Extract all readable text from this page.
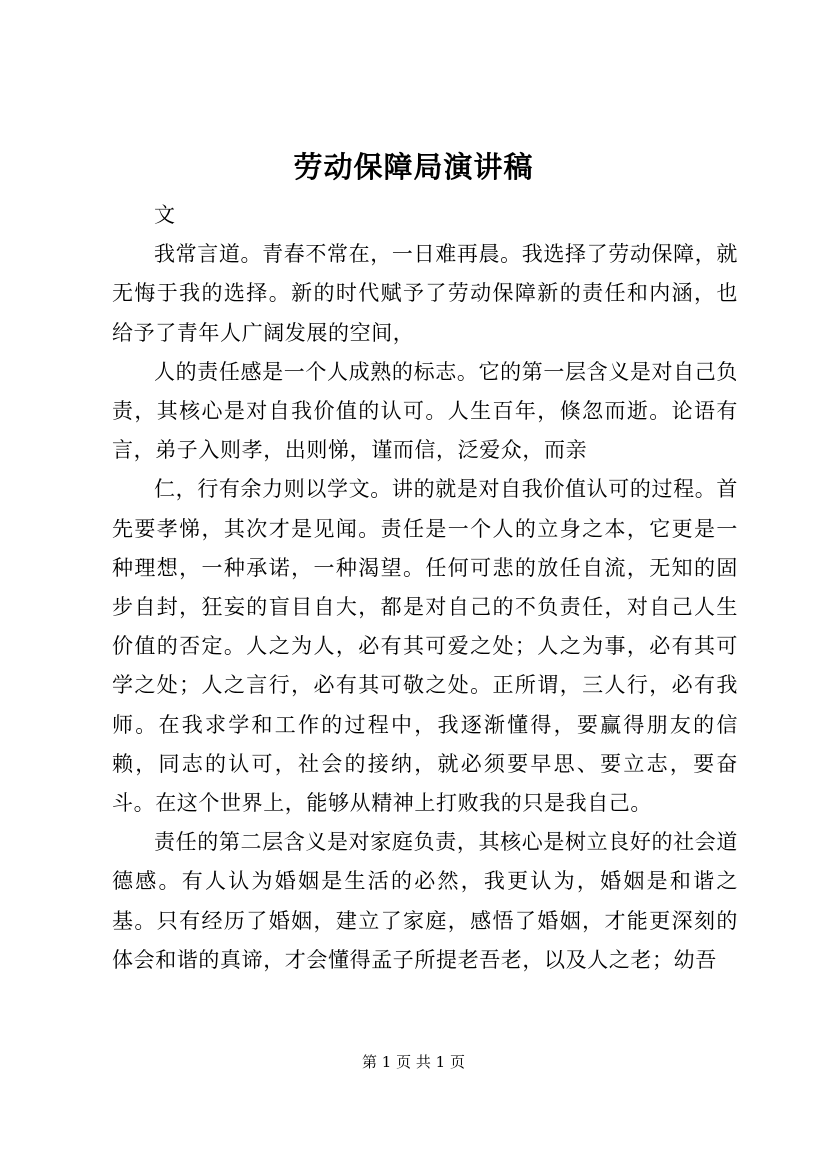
劳动保障局演讲稿

文

我常言道。青春不常在，一日难再晨。我选择了劳动保障，就无悔于我的选择。新的时代赋予了劳动保障新的责任和内涵，也给予了青年人广阔发展的空间，

人的责任感是一个人成熟的标志。它的第一层含义是对自己负责，其核心是对自我价值的认可。人生百年，倏忽而逝。论语有言，弟子入则孝，出则悌，谨而信，泛爱众，而亲

仁，行有余力则以学文。讲的就是对自我价值认可的过程。首先要孝悌，其次才是见闻。责任是一个人的立身之本，它更是一种理想，一种承诺，一种渴望。任何可悲的放任自流，无知的固步自封，狂妄的盲目自大，都是对自己的不负责任，对自己人生价值的否定。人之为人，必有其可爱之处；人之为事，必有其可学之处；人之言行，必有其可敬之处。正所谓，三人行，必有我师。在我求学和工作的过程中，我逐渐懂得，要赢得朋友的信赖，同志的认可，社会的接纳，就必须要早思、要立志，要奋斗。在这个世界上，能够从精神上打败我的只是我自己。

责任的第二层含义是对家庭负责，其核心是树立良好的社会道德感。有人认为婚姻是生活的必然，我更认为，婚姻是和谐之基。只有经历了婚姻，建立了家庭，感悟了婚姻，才能更深刻的体会和谐的真谛，才会懂得孟子所提老吾老，以及人之老；幼吾

第 1 页 共 1 页
